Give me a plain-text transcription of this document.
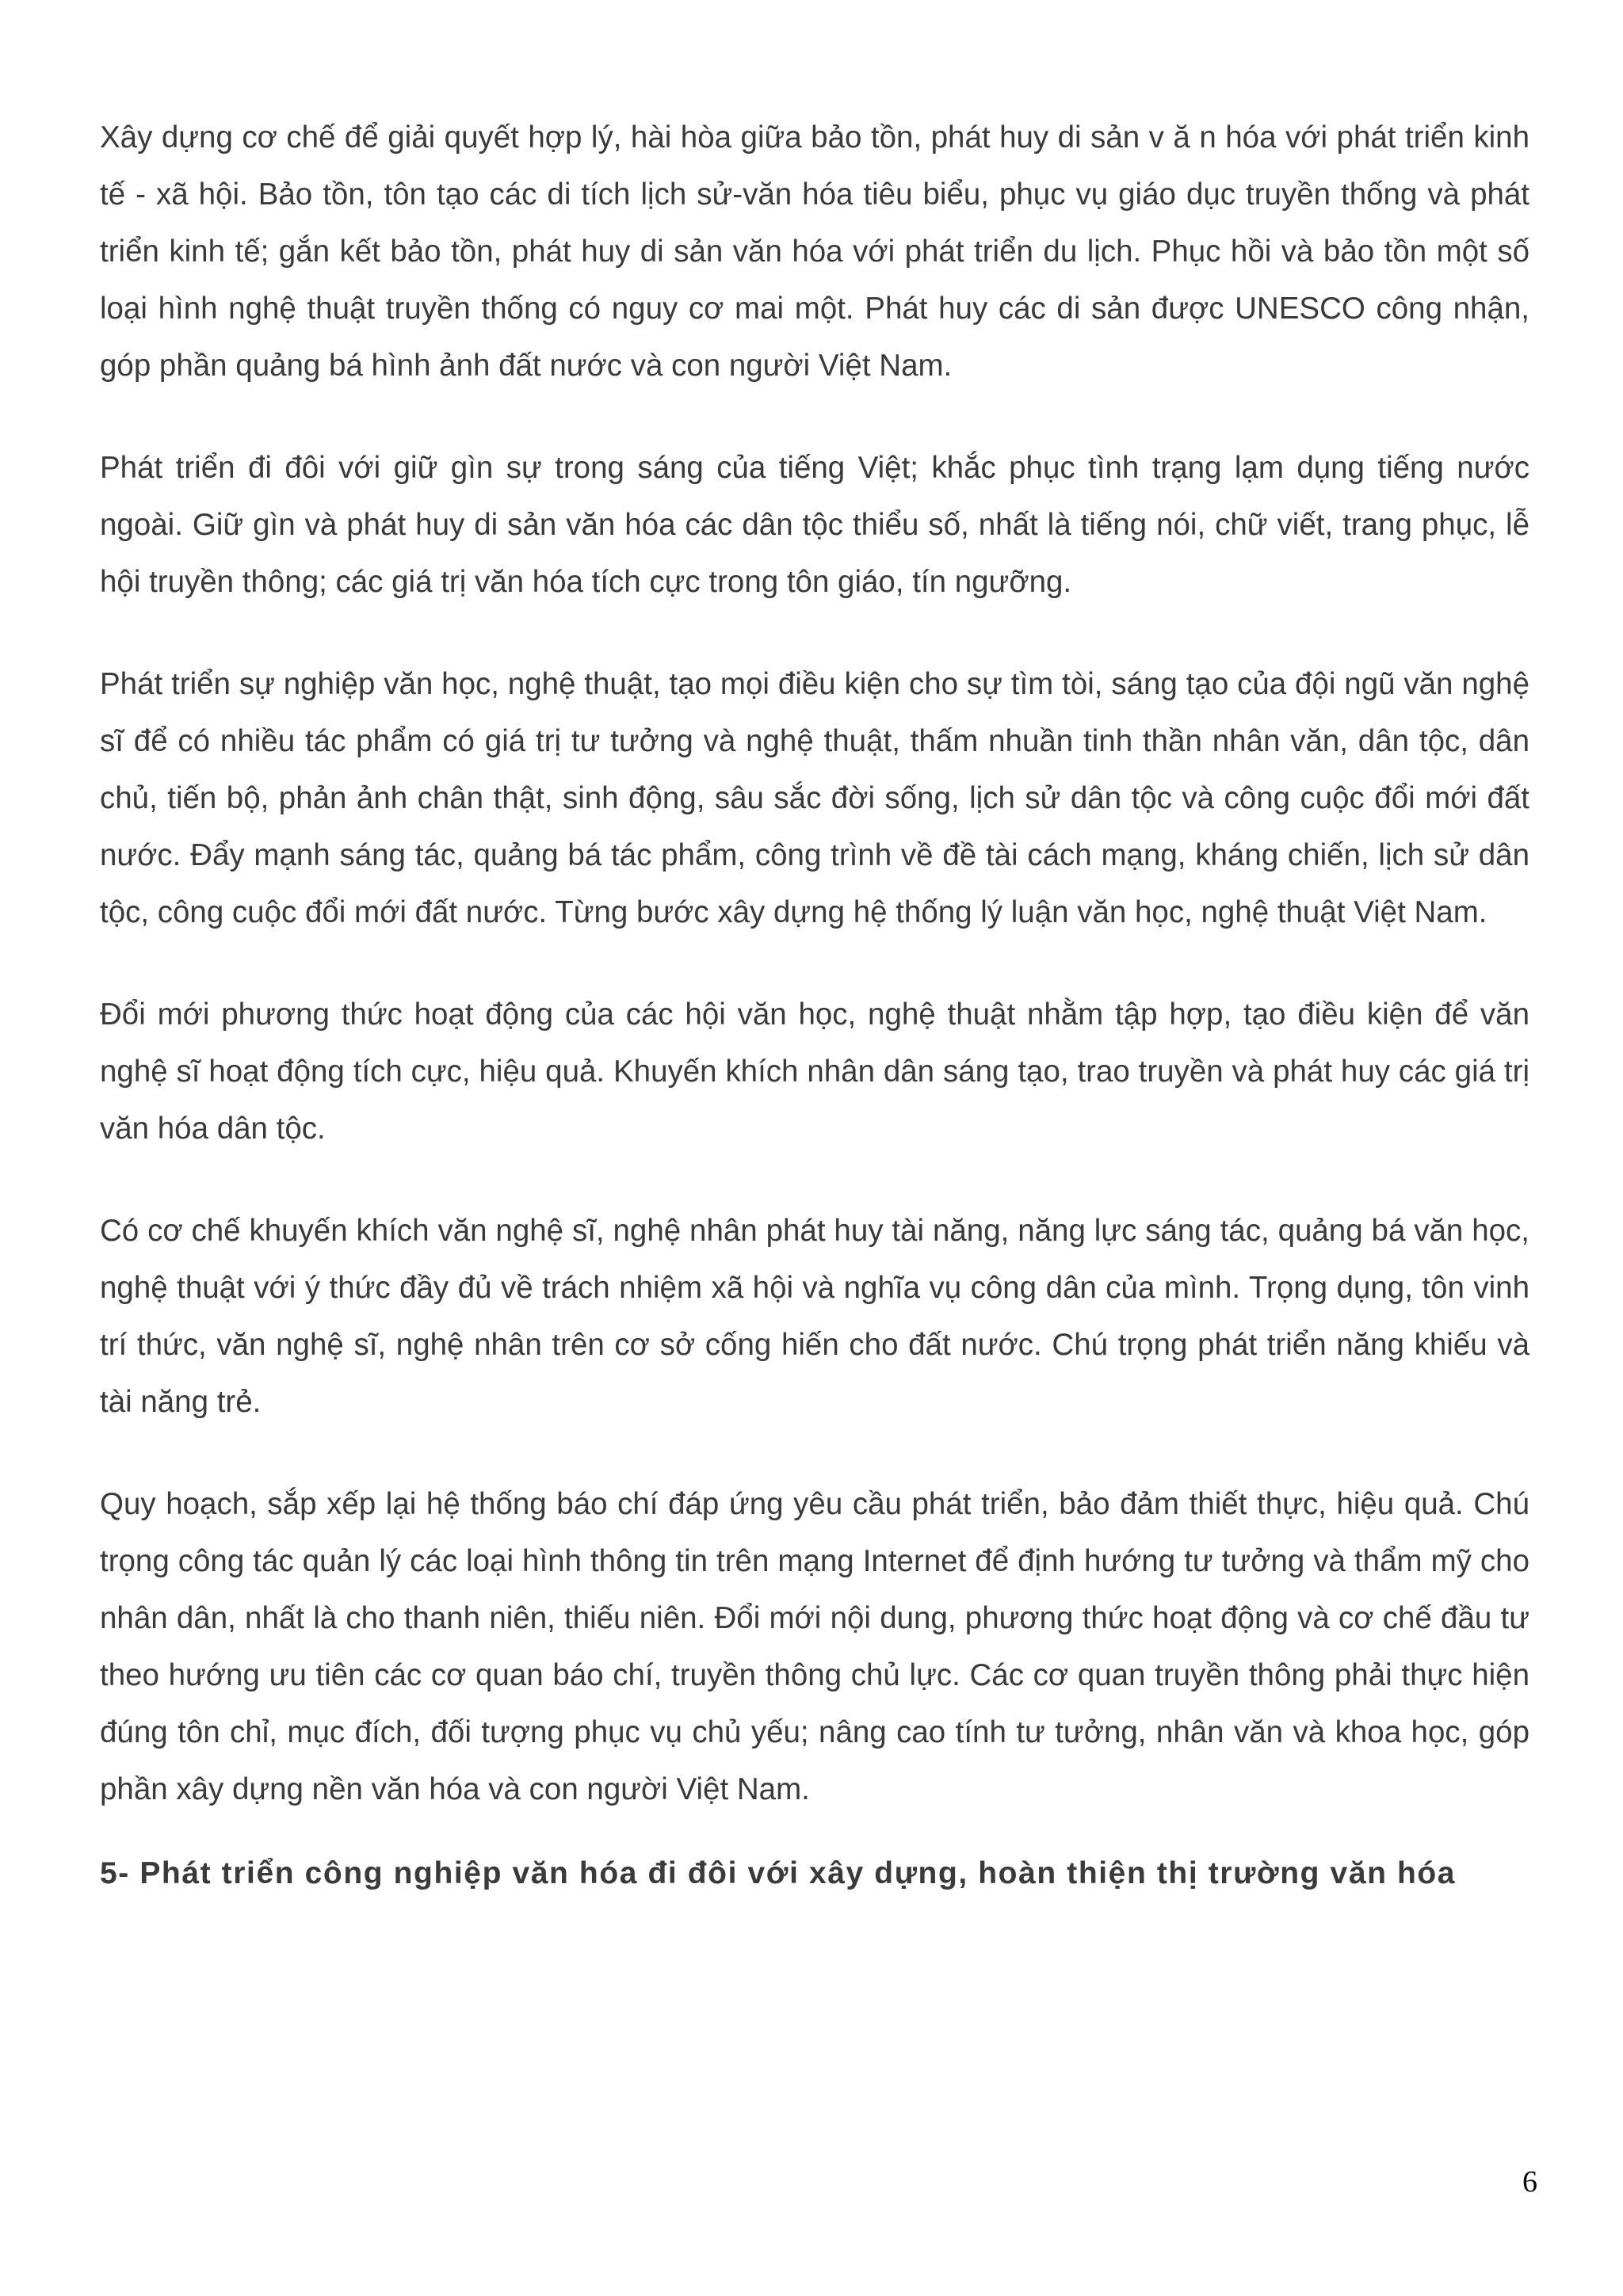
Xây dựng cơ chế để giải quyết hợp lý, hài hòa giữa bảo tồn, phát huy di sản v ă n hóa với phát triển kinh tế - xã hội. Bảo tồn, tôn tạo các di tích lịch sử-văn hóa tiêu biểu, phục vụ giáo dục truyền thống và phát triển kinh tế; gắn kết bảo tồn, phát huy di sản văn hóa với phát triển du lịch. Phục hồi và bảo tồn một số loại hình nghệ thuật truyền thống có nguy cơ mai một. Phát huy các di sản được UNESCO công nhận, góp phần quảng bá hình ảnh đất nước và con người Việt Nam.

Phát triển đi đôi với giữ gìn sự trong sáng của tiếng Việt; khắc phục tình trạng lạm dụng tiếng nước ngoài. Giữ gìn và phát huy di sản văn hóa các dân tộc thiểu số, nhất là tiếng nói, chữ viết, trang phục, lễ hội truyền thông; các giá trị văn hóa tích cực trong tôn giáo, tín ngưỡng.

Phát triển sự nghiệp văn học, nghệ thuật, tạo mọi điều kiện cho sự tìm tòi, sáng tạo của đội ngũ văn nghệ sĩ để có nhiều tác phẩm có giá trị tư tưởng và nghệ thuật, thấm nhuần tinh thần nhân văn, dân tộc, dân chủ, tiến bộ, phản ảnh chân thật, sinh động, sâu sắc đời sống, lịch sử dân tộc và công cuộc đổi mới đất nước. Đẩy mạnh sáng tác, quảng bá tác phẩm, công trình về đề tài cách mạng, kháng chiến, lịch sử dân tộc, công cuộc đổi mới đất nước. Từng bước xây dựng hệ thống lý luận văn học, nghệ thuật Việt Nam.

Đổi mới phương thức hoạt động của các hội văn học, nghệ thuật nhằm tập hợp, tạo điều kiện để văn nghệ sĩ hoạt động tích cực, hiệu quả. Khuyến khích nhân dân sáng tạo, trao truyền và phát huy các giá trị văn hóa dân tộc.

Có cơ chế khuyến khích văn nghệ sĩ, nghệ nhân phát huy tài năng, năng lực sáng tác, quảng bá văn học, nghệ thuật với ý thức đầy đủ về trách nhiệm xã hội và nghĩa vụ công dân của mình. Trọng dụng, tôn vinh trí thức, văn nghệ sĩ, nghệ nhân trên cơ sở cống hiến cho đất nước. Chú trọng phát triển năng khiếu và tài năng trẻ.

Quy hoạch, sắp xếp lại hệ thống báo chí đáp ứng yêu cầu phát triển, bảo đảm thiết thực, hiệu quả. Chú trọng công tác quản lý các loại hình thông tin trên mạng Internet để định hướng tư tưởng và thẩm mỹ cho nhân dân, nhất là cho thanh niên, thiếu niên. Đổi mới nội dung, phương thức hoạt động và cơ chế đầu tư theo hướng ưu tiên các cơ quan báo chí, truyền thông chủ lực. Các cơ quan truyền thông phải thực hiện đúng tôn chỉ, mục đích, đối tượng phục vụ chủ yếu; nâng cao tính tư tưởng, nhân văn và khoa học, góp phần xây dựng nền văn hóa và con người Việt Nam.

5- Phát triển công nghiệp văn hóa đi đôi với xây dựng, hoàn thiện thị trường văn hóa
6
